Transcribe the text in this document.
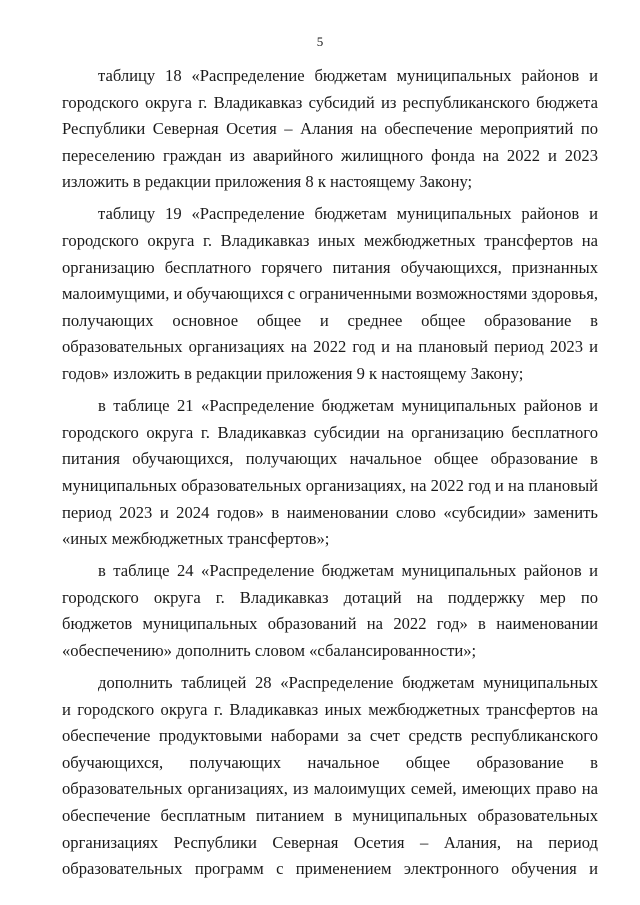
5
таблицу 18 «Распределение бюджетам муниципальных районов и
городского округа г. Владикавказ субсидий из республиканского бюджета
Республики Северная Осетия – Алания на обеспечение мероприятий по
переселению граждан из аварийного жилищного фонда на 2022 и 2023
изложить в редакции приложения 8 к настоящему Закону;
таблицу 19 «Распределение бюджетам муниципальных районов и
городского округа г. Владикавказ иных межбюджетных трансфертов на
организацию бесплатного горячего питания обучающихся, признанных
малоимущими, и обучающихся с ограниченными возможностями здоровья,
получающих основное общее и среднее общее образование в
образовательных организациях на 2022 год и на плановый период 2023 и
годов» изложить в редакции приложения 9 к настоящему Закону;
в таблице 21 «Распределение бюджетам муниципальных районов и
городского округа г. Владикавказ субсидии на организацию бесплатного
питания обучающихся, получающих начальное общее образование в
муниципальных образовательных организациях, на 2022 год и на плановый
период 2023 и 2024 годов» в наименовании слово «субсидии» заменить
«иных межбюджетных трансфертов»;
в таблице 24 «Распределение бюджетам муниципальных районов и
городского округа г. Владикавказ дотаций на поддержку мер по
бюджетов муниципальных образований на 2022 год» в наименовании
«обеспечению» дополнить словом «сбалансированности»;
дополнить таблицей 28 «Распределение бюджетам муниципальных
и городского округа г. Владикавказ иных межбюджетных трансфертов на
обеспечение продуктовыми наборами за счет средств республиканского
обучающихся, получающих начальное общее образование в
образовательных организациях, из малоимущих семей, имеющих право на
обеспечение бесплатным питанием в муниципальных образовательных
организациях Республики Северная Осетия – Алания, на период
образовательных программ с применением электронного обучения и
